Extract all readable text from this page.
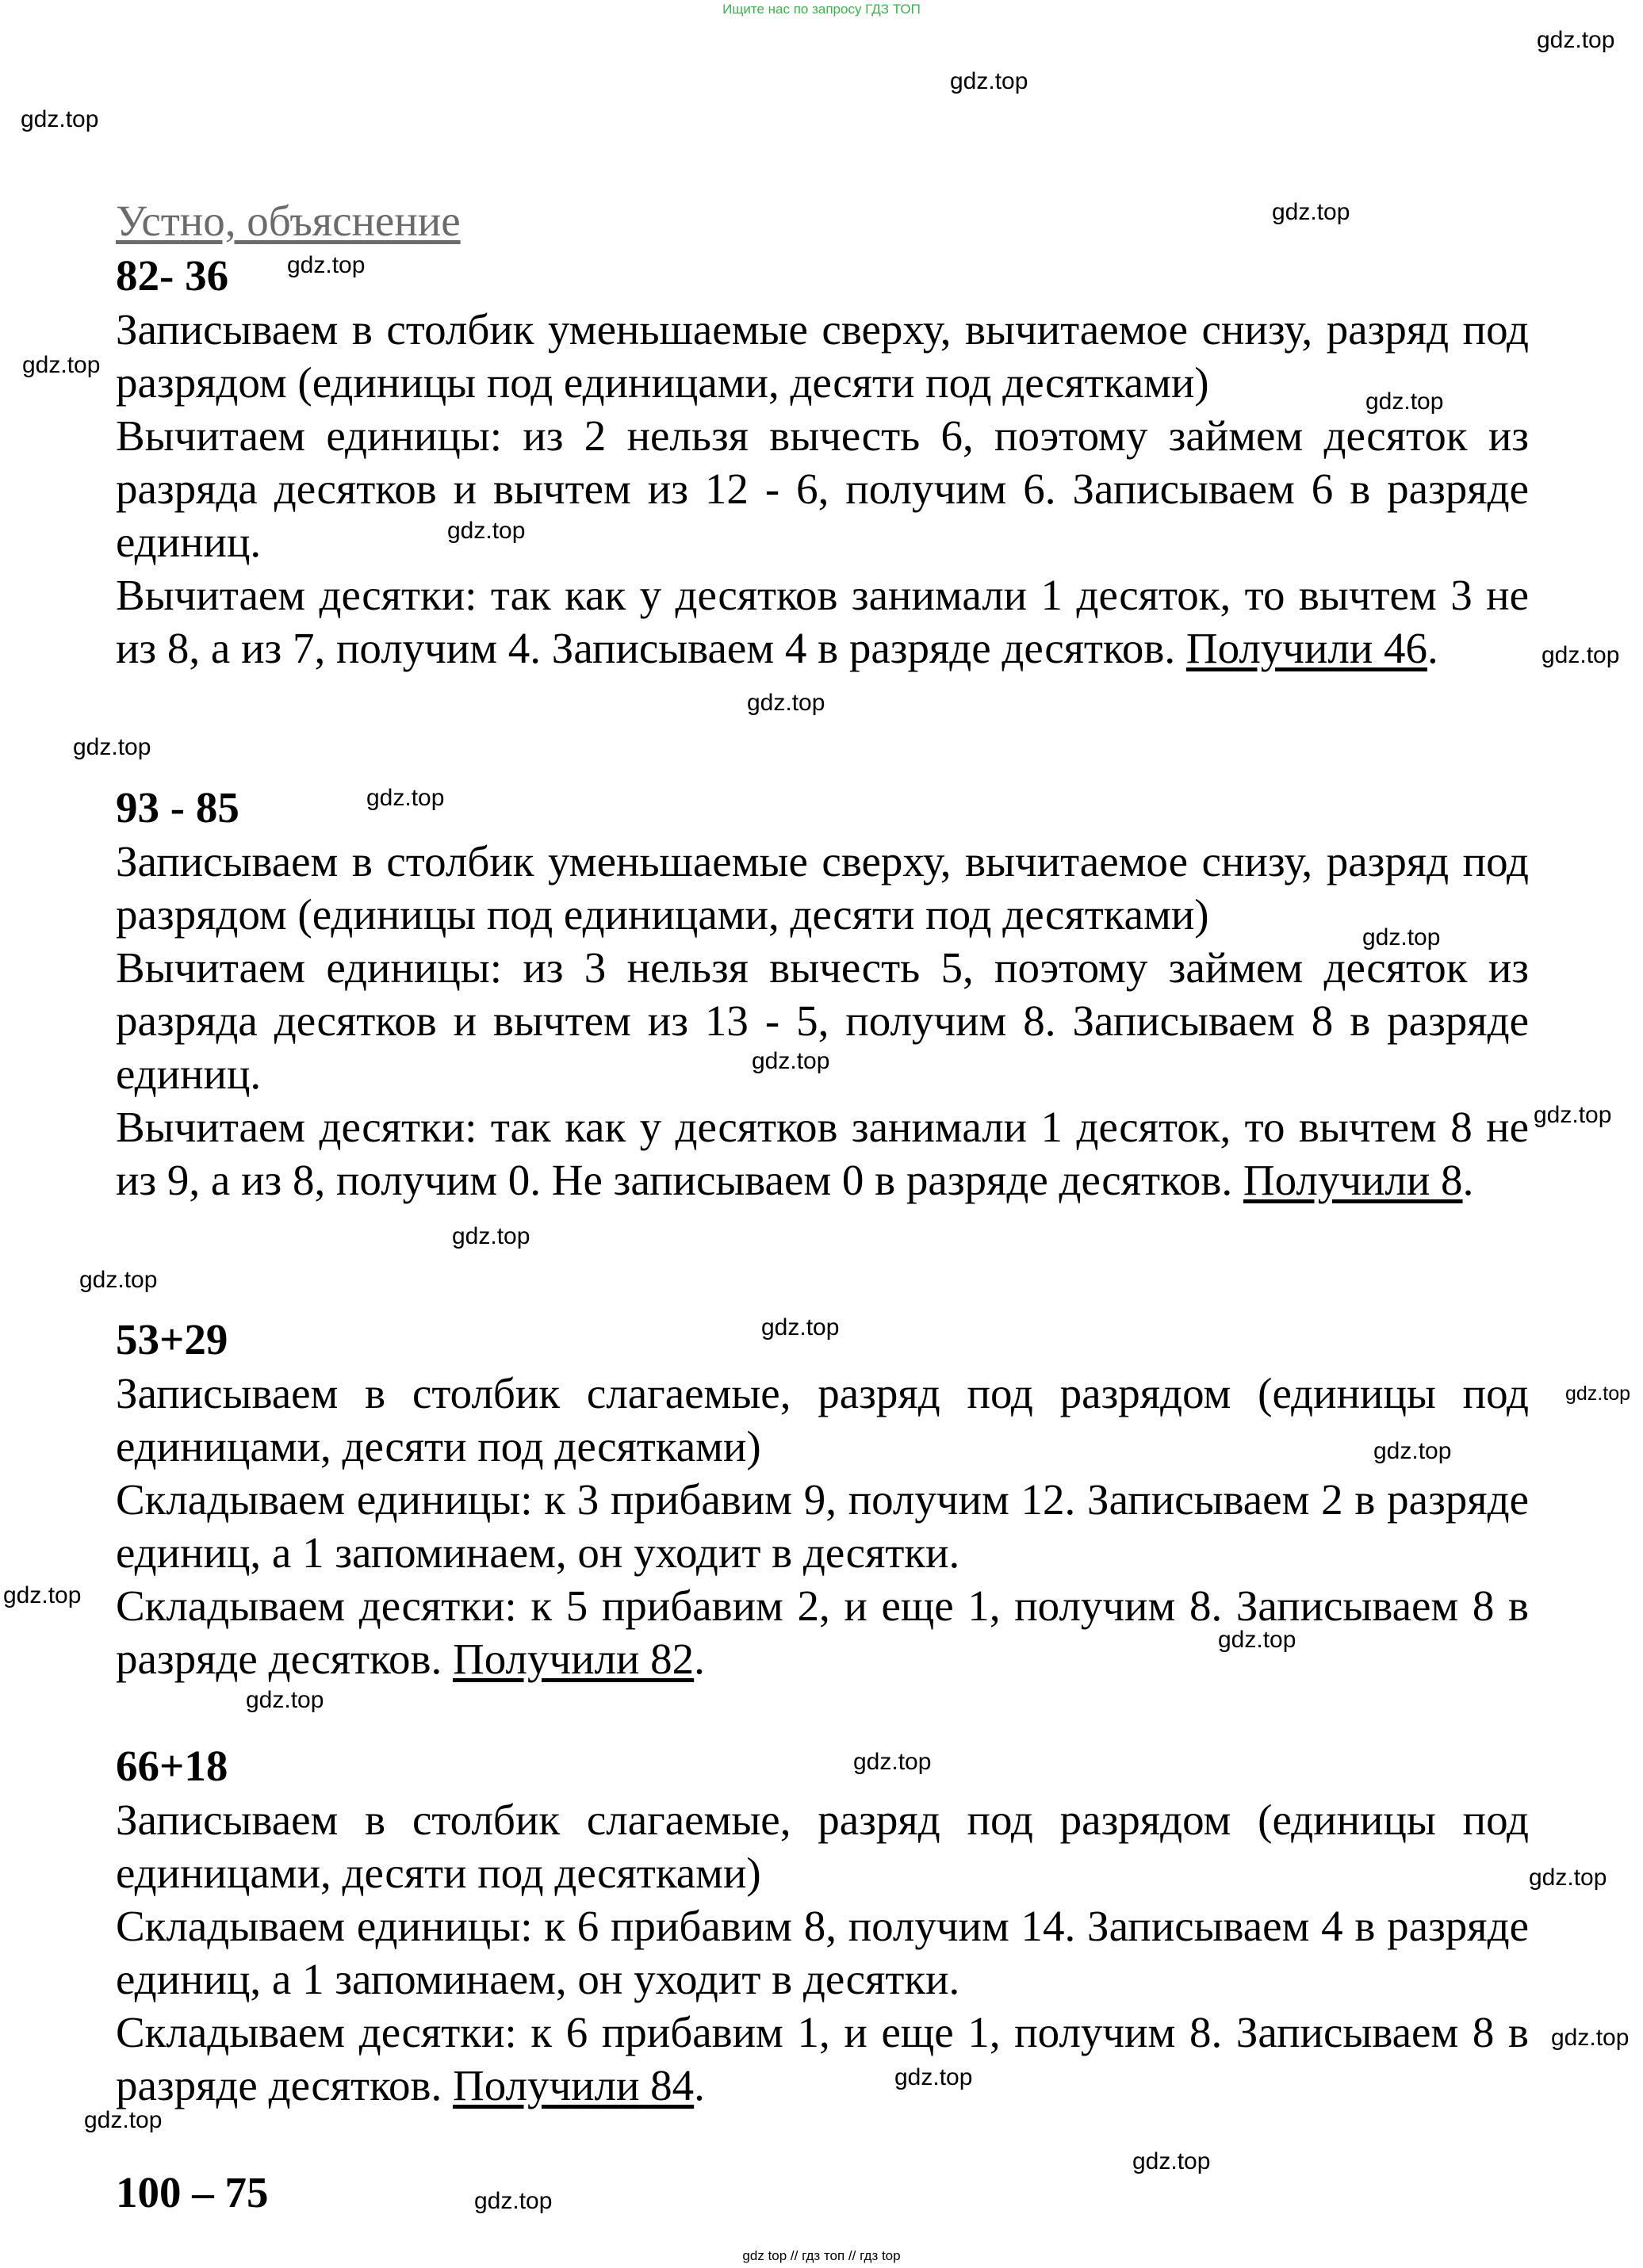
Ищите нас по запросу ГДЗ ТОП
gdz.top
gdz.top
gdz.top
gdz.top
gdz.top
gdz.top
gdz.top
gdz.top
gdz.top
gdz.top
gdz.top
gdz.top
gdz.top
gdz.top
gdz.top
gdz.top
gdz.top
gdz.top
gdz.top
gdz.top
gdz.top
gdz.top
gdz.top
gdz.top
gdz.top
gdz.top
gdz.top
gdz.top
gdz.top
gdz.top
Устно, объяснение
82- 36
Записываем в столбик уменьшаемые сверху, вычитаемое снизу, разряд под разрядом (единицы под единицами, десяти под десятками)
Вычитаем единицы: из 2 нельзя вычесть 6, поэтому займем десяток из разряда десятков и вычтем из 12 - 6, получим 6. Записываем 6 в разряде единиц.
Вычитаем десятки: так как у десятков занимали 1 десяток, то вычтем 3 не из 8, а из 7, получим 4. Записываем 4 в разряде десятков. Получили 46.
93 - 85
Записываем в столбик уменьшаемые сверху, вычитаемое снизу, разряд под разрядом (единицы под единицами, десяти под десятками)
Вычитаем единицы: из 3 нельзя вычесть 5, поэтому займем десяток из разряда десятков и вычтем из 13 - 5, получим 8. Записываем 8 в разряде единиц.
Вычитаем десятки: так как у десятков занимали 1 десяток, то вычтем 8 не из 9, а из 8, получим 0. Не записываем 0 в разряде десятков. Получили 8.
53+29
Записываем в столбик слагаемые, разряд под разрядом (единицы под единицами, десяти под десятками)
Складываем единицы: к 3 прибавим 9, получим 12. Записываем 2 в разряде единиц, а 1 запоминаем, он уходит в десятки.
Складываем десятки: к 5 прибавим 2, и еще 1, получим 8. Записываем 8 в разряде десятков. Получили 82.
66+18
Записываем в столбик слагаемые, разряд под разрядом (единицы под единицами, десяти под десятками)
Складываем единицы: к 6 прибавим 8, получим 14. Записываем 4 в разряде единиц, а 1 запоминаем, он уходит в десятки.
Складываем десятки: к 6 прибавим 1, и еще 1, получим 8. Записываем 8 в разряде десятков. Получили 84.
100 – 75
gdz top // гдз топ // гдз top
